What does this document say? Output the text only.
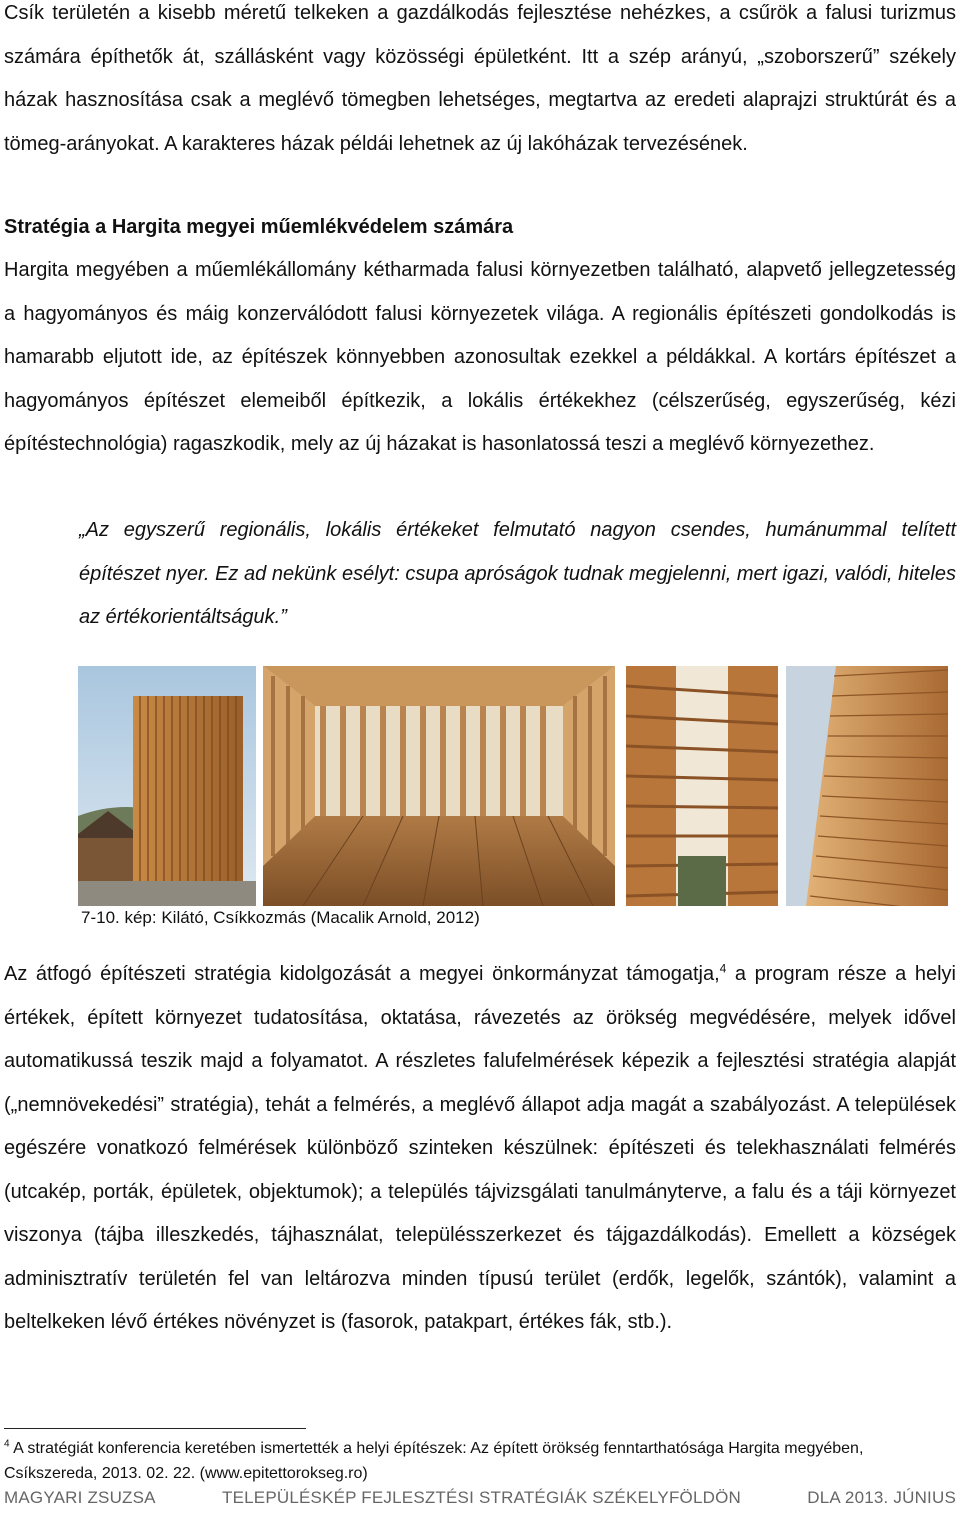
Csík területén a kisebb méretű telkeken a gazdálkodás fejlesztése nehézkes, a csűrök a falusi turizmus számára építhetők át, szállásként vagy közösségi épületként. Itt a szép arányú, „szoborszerű” székely házak hasznosítása csak a meglévő tömegben lehetséges, megtartva az eredeti alaprajzi struktúrát és a tömeg-arányokat. A karakteres házak példái lehetnek az új lakóházak tervezésének.

Stratégia a Hargita megyei műemlékvédelem számára

Hargita megyében a műemlékállomány kétharmada falusi környezetben található, alapvető jellegzetesség a hagyományos és máig konzerválódott falusi környezetek világa. A regionális építészeti gondolkodás is hamarabb eljutott ide, az építészek könnyebben azonosultak ezekkel a példákkal. A kortárs építészet a hagyományos építészet elemeiből építkezik, a lokális értékekhez (célszerűség, egyszerűség, kézi építéstechnológia) ragaszkodik, mely az új házakat is hasonlatossá teszi a meglévő környezethez.

„Az egyszerű regionális, lokális értékeket felmutató nagyon csendes, humánummal telített építészet nyer. Ez ad nekünk esélyt: csupa apróságok tudnak megjelenni, mert igazi, valódi, hiteles az értékorientáltságuk.”

7-10. kép: Kilátó, Csíkkozmás (Macalik Arnold, 2012)

Az átfogó építészeti stratégia kidolgozását a megyei önkormányzat támogatja,$^4$ a program része a helyi értékek, épített környezet tudatosítása, oktatása, rávezetés az örökség megvédésére, melyek idővel automatikussá teszik majd a folyamatot. A részletes falufelmérések képezik a fejlesztési stratégia alapját („nemnövekedési” stratégia), tehát a felmérés, a meglévő állapot adja magát a szabályozást. A települések egészére vonatkozó felmérések különböző szinteken készülnek: építészeti és telekhasználati felmérés (utcakép, porták, épületek, objektumok); a település tájvizsgálati tanulmányterve, a falu és a táji környezet viszonya (tájba illeszkedés, tájhasználat, településszerkezet és tájgazdálkodás). Emellett a községek adminisztratív területén fel van leltározva minden típusú terület (erdők, legelők, szántók), valamint a beltelkeken lévő értékes növényzet is (fasorok, patakpart, értékes fák, stb.).

$^4$ A stratégiát konferencia keretében ismertették a helyi építészek: Az épített örökség fenntarthatósága Hargita megyében, Csíkszereda, 2013. 02. 22. (www.epitettorokseg.ro)

MAGYARI ZSUZSA	TELEPÜLÉSKÉP FEJLESZTÉSI STRATÉGIÁK SZÉKELYFÖLDÖN	DLA 2013. JÚNIUS
